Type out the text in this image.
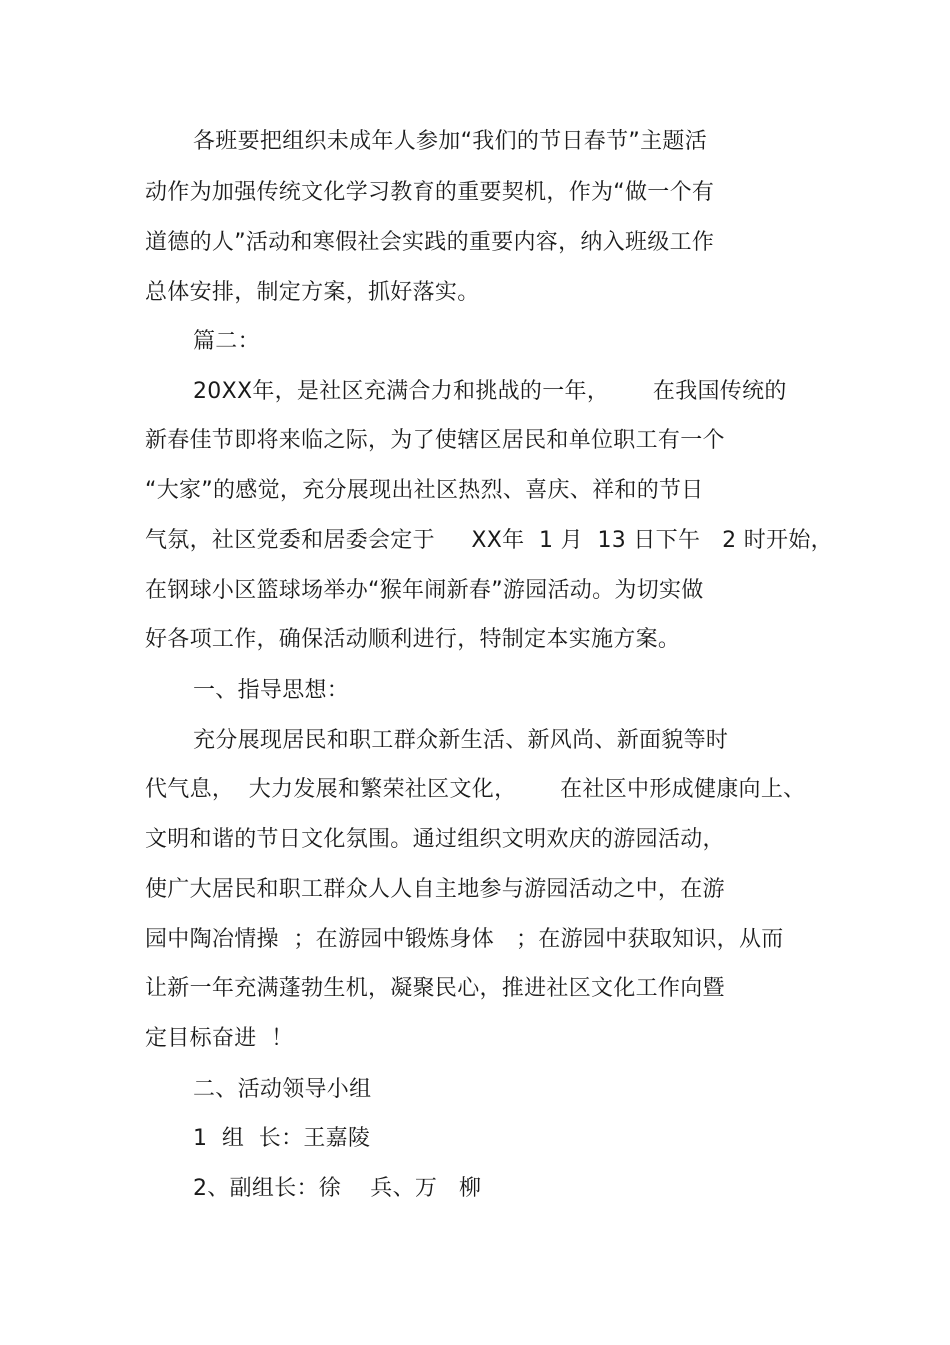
各班要把组织未成年人参加“我们的节日春节”主题活
动作为加强传统文化学习教育的重要契机，作为“做一个有
道德的人”活动和寒假社会实践的重要内容，纳入班级工作
总体安排，制定方案，抓好落实。
篇二：
20XX年，是社区充满合力和挑战的一年，      在我国传统的
新春佳节即将来临之际，为了使辖区居民和单位职工有一个
“大家”的感觉，充分展现出社区热烈、喜庆、祥和的节日
气氛，社区党委和居委会定于     XX年  1 月  13 日下午   2 时开始，
在钢球小区篮球场举办“猴年闹新春”游园活动。为切实做
好各项工作，确保活动顺利进行，特制定本实施方案。
一、指导思想：
充分展现居民和职工群众新生活、新风尚、新面貌等时
代气息，  大力发展和繁荣社区文化，      在社区中形成健康向上、
文明和谐的节日文化氛围。通过组织文明欢庆的游园活动，
使广大居民和职工群众人人自主地参与游园活动之中，在游
园中陶冶情操  ；在游园中锻炼身体   ；在游园中获取知识，从而
让新一年充满蓬勃生机，凝聚民心，推进社区文化工作向暨
定目标奋进  ！
二、活动领导小组
1  组  长：王嘉陵
2、副组长：徐    兵、万   柳
